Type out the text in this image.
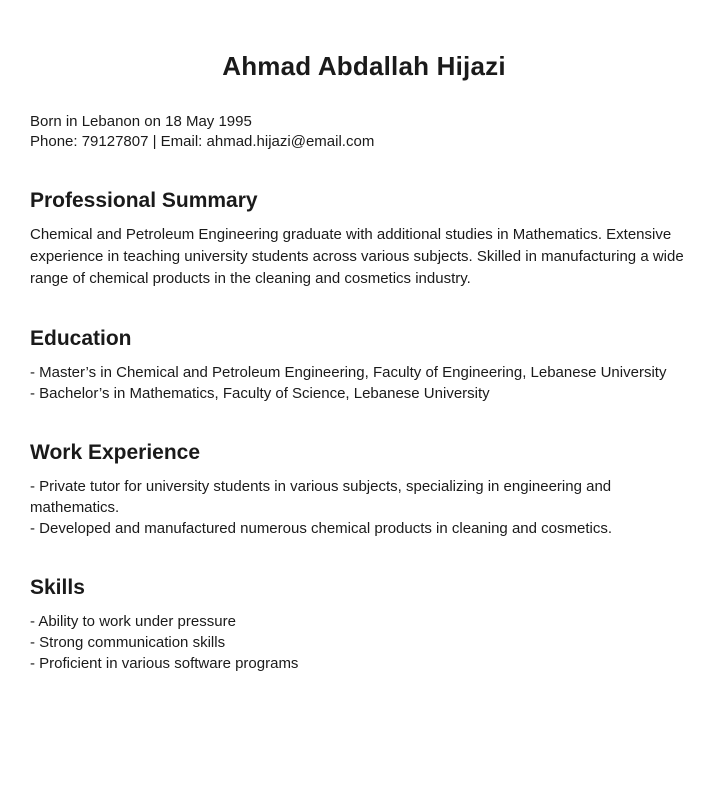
Ahmad Abdallah Hijazi
Born in Lebanon on 18 May 1995
Phone: 79127807 | Email: ahmad.hijazi@email.com
Professional Summary

Chemical and Petroleum Engineering graduate with additional studies in Mathematics. Extensive experience in teaching university students across various subjects. Skilled in manufacturing a wide range of chemical products in the cleaning and cosmetics industry.

Education
- Master’s in Chemical and Petroleum Engineering, Faculty of Engineering, Lebanese University
- Bachelor’s in Mathematics, Faculty of Science, Lebanese University
Work Experience
- Private tutor for university students in various subjects, specializing in engineering and mathematics.
- Developed and manufactured numerous chemical products in cleaning and cosmetics.
Skills
- Ability to work under pressure
- Strong communication skills
- Proficient in various software programs
